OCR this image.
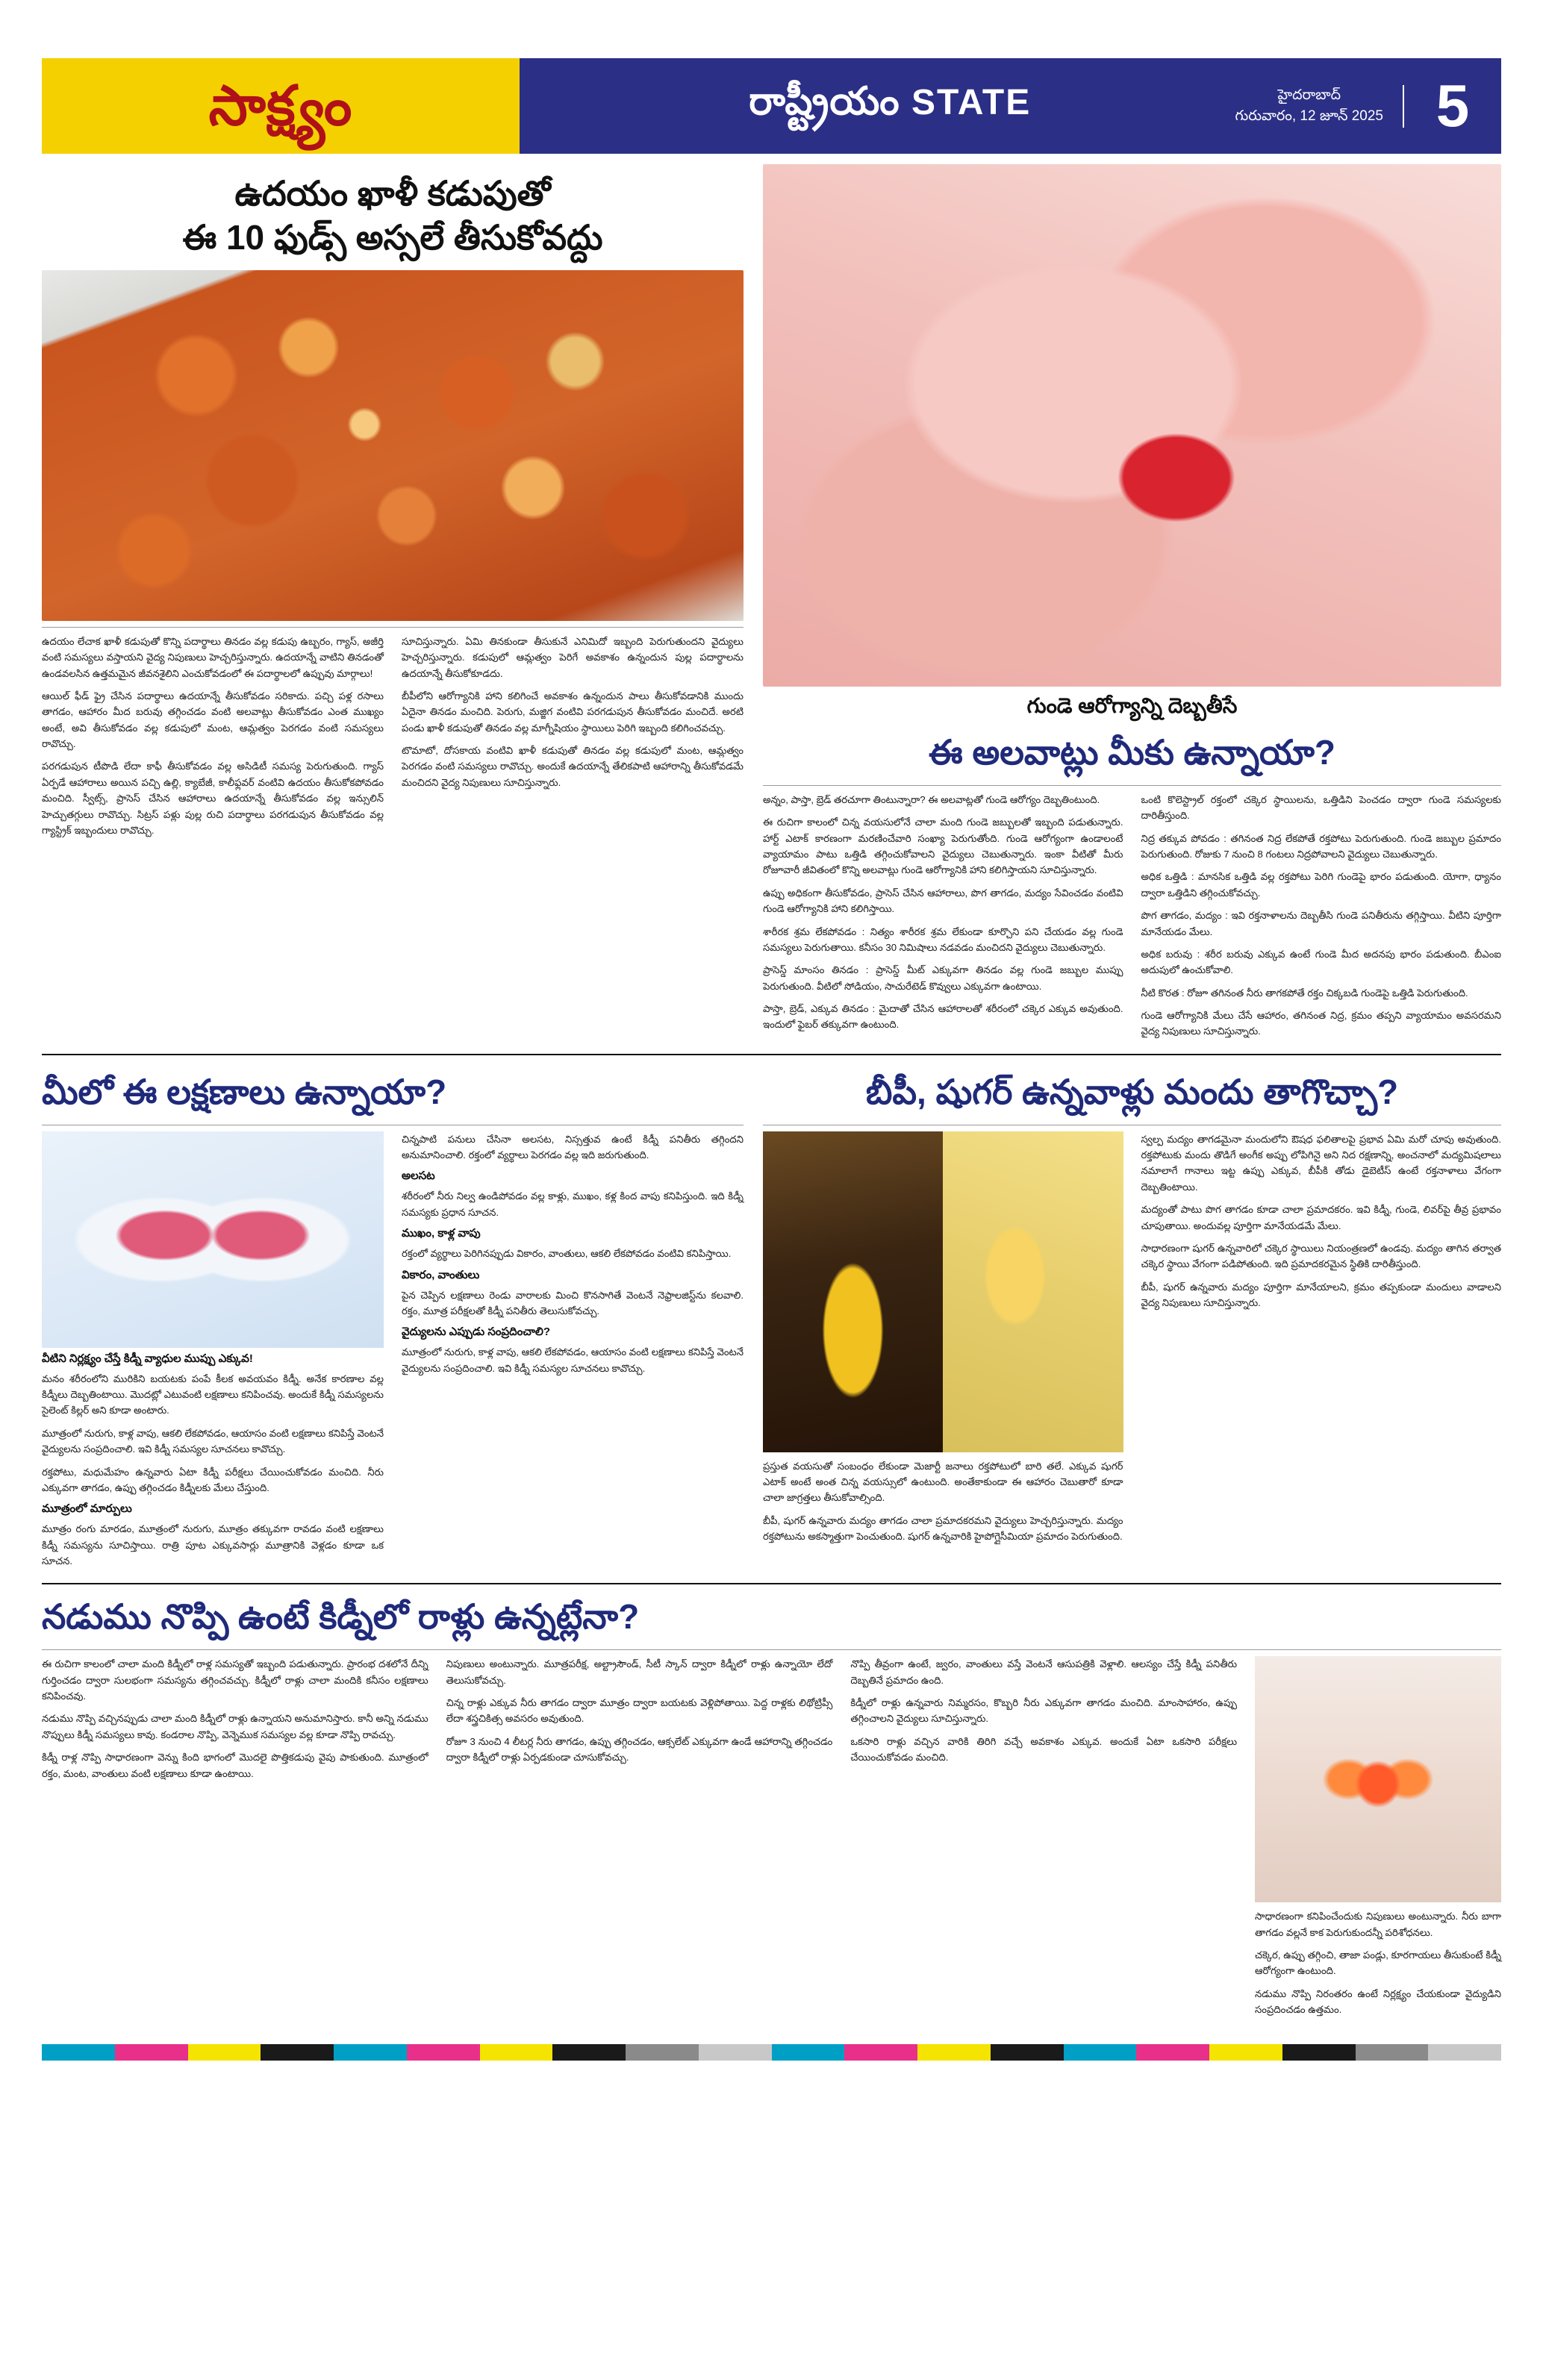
సాక్ష్యం	రాష్ట్రీయం STATE	హైదరాబాద్
గురువారం, 12 జూన్ 2025 5
ఉదయం ఖాళీ కడుపుతో
ఈ 10 ఫుడ్స్ అస్సలే తీసుకోవద్దు

ఉదయం లేచాక ఖాళీ కడుపుతో కొన్ని పదార్థాలు తినడం వల్ల కడుపు ఉబ్బరం, గ్యాస్, అజీర్తి వంటి సమస్యలు వస్తాయని వైద్య నిపుణులు హెచ్చరిస్తున్నారు. ఉదయాన్నే వాటిని తినడంతో ఉండవలసిన ఉత్తమమైన జీవనశైలిని ఎంచుకోవడంలో ఈ పదార్థాలలో ఉప్పువు మార్గాలు!

ఆయిల్ ఫీడ్ ఫ్రై చేసిన పదార్థాలు ఉదయాన్నే తీసుకోవడం సరికాదు. పచ్చి పళ్ల రసాలు తాగడం, ఆహారం మీద బరువు తగ్గించడం వంటి అలవాట్లు తీసుకోవడం ఎంత ముఖ్యం అంటే, అవి తీసుకోవడం వల్ల కడుపులో మంట, ఆమ్లత్వం పెరగడం వంటి సమస్యలు రావొచ్చు.

పరగడుపున టీపొడి లేదా కాఫీ తీసుకోవడం వల్ల అసిడిటీ సమస్య పెరుగుతుంది. గ్యాస్ ఏర్పడే ఆహారాలు అయిన పచ్చి ఉల్లి, క్యాబేజీ, కాలీఫ్లవర్ వంటివి ఉదయం తీసుకోకపోవడం మంచిది. స్వీట్స్, ప్రాసెస్ చేసిన ఆహారాలు ఉదయాన్నే తీసుకోవడం వల్ల ఇన్సులిన్ హెచ్చుతగ్గులు రావొచ్చు. సిట్రస్ పళ్లు పుల్ల రుచి పదార్థాలు పరగడుపున తీసుకోవడం వల్ల గ్యాస్ట్రిక్ ఇబ్బందులు రావొచ్చు.

సూచిస్తున్నారు. ఏమి తినకుండా తీసుకునే ఎనిమిదో ఇబ్బంది పెరుగుతుందని వైద్యులు హెచ్చరిస్తున్నారు. కడుపులో ఆమ్లత్వం పెరిగే అవకాశం ఉన్నందున పుల్ల పదార్థాలను ఉదయాన్నే తీసుకోకూడదు.

బీపీలోని ఆరోగ్యానికి హాని కలిగించే అవకాశం ఉన్నందున పాలు తీసుకోవడానికి ముందు ఏదైనా తినడం మంచిది. పెరుగు, మజ్జిగ వంటివి పరగడుపున తీసుకోవడం మంచిదే. అరటి పండు ఖాళీ కడుపుతో తినడం వల్ల మాగ్నీషియం స్థాయిలు పెరిగి ఇబ్బంది కలిగించవచ్చు.

టొమాటో, దోసకాయ వంటివి ఖాళీ కడుపుతో తినడం వల్ల కడుపులో మంట, ఆమ్లత్వం పెరగడం వంటి సమస్యలు రావొచ్చు. అందుకే ఉదయాన్నే తేలికపాటి ఆహారాన్ని తీసుకోవడమే మంచిదని వైద్య నిపుణులు సూచిస్తున్నారు.

గుండె ఆరోగ్యాన్ని దెబ్బతీసే
ఈ అలవాట్లు మీకు ఉన్నాయా?

అన్నం, పాస్తా, బ్రెడ్ తరచూగా తింటున్నారా? ఈ అలవాట్లతో గుండె ఆరోగ్యం దెబ్బతింటుంది.

ఈ రుచిగా కాలంలో చిన్న వయసులోనే చాలా మంది గుండె జబ్బులతో ఇబ్బంది పడుతున్నారు. హార్ట్ ఎటాక్ కారణంగా మరణించేవారి సంఖ్యా పెరుగుతోంది. గుండె ఆరోగ్యంగా ఉండాలంటే వ్యాయామం పాటు ఒత్తిడి తగ్గించుకోవాలని వైద్యులు చెబుతున్నారు. ఇంకా వీటితో మీరు రోజూవారీ జీవితంలో కొన్ని అలవాట్లు గుండె ఆరోగ్యానికి హాని కలిగిస్తాయని సూచిస్తున్నారు.

ఉప్పు అధికంగా తీసుకోవడం, ప్రాసెస్ చేసిన ఆహారాలు, పొగ తాగడం, మద్యం సేవించడం వంటివి గుండె ఆరోగ్యానికి హాని కలిగిస్తాయి.

శారీరక శ్రమ లేకపోవడం : నిత్యం శారీరక శ్రమ లేకుండా కూర్చొని పని చేయడం వల్ల గుండె సమస్యలు పెరుగుతాయి. కనీసం 30 నిమిషాలు నడవడం మంచిదని వైద్యులు చెబుతున్నారు.

ప్రాసెస్డ్ మాంసం తినడం : ప్రాసెస్డ్ మీట్ ఎక్కువగా తినడం వల్ల గుండె జబ్బుల ముప్పు పెరుగుతుంది. వీటిలో సోడియం, సాచురేటెడ్ కొవ్వులు ఎక్కువగా ఉంటాయి.

పాస్తా, బ్రెడ్, ఎక్కువ తినడం : మైదాతో చేసిన ఆహారాలతో శరీరంలో చక్కెర ఎక్కువ అవుతుంది. ఇందులో ఫైబర్ తక్కువగా ఉంటుంది.

ఒంటి కొలెస్ట్రాల్ రక్తంలో చక్కెర స్థాయిలను, ఒత్తిడిని పెంచడం ద్వారా గుండె సమస్యలకు దారితీస్తుంది.

నిద్ర తక్కువ పోవడం : తగినంత నిద్ర లేకపోతే రక్తపోటు పెరుగుతుంది. గుండె జబ్బుల ప్రమాదం పెరుగుతుంది. రోజుకు 7 నుంచి 8 గంటలు నిద్రపోవాలని వైద్యులు చెబుతున్నారు.

అధిక ఒత్తిడి : మానసిక ఒత్తిడి వల్ల రక్తపోటు పెరిగి గుండెపై భారం పడుతుంది. యోగా, ధ్యానం ద్వారా ఒత్తిడిని తగ్గించుకోవచ్చు.

పొగ తాగడం, మద్యం : ఇవి రక్తనాళాలను దెబ్బతీసి గుండె పనితీరును తగ్గిస్తాయి. వీటిని పూర్తిగా మానేయడం మేలు.

అధిక బరువు : శరీర బరువు ఎక్కువ ఉంటే గుండె మీద అదనపు భారం పడుతుంది. బీఎంఐ అదుపులో ఉంచుకోవాలి.

నీటి కొరత : రోజూ తగినంత నీరు తాగకపోతే రక్తం చిక్కబడి గుండెపై ఒత్తిడి పెరుగుతుంది.

గుండె ఆరోగ్యానికి మేలు చేసే ఆహారం, తగినంత నిద్ర, క్రమం తప్పని వ్యాయామం అవసరమని వైద్య నిపుణులు సూచిస్తున్నారు.

మీలో ఈ లక్షణాలు ఉన్నాయా?
వీటిని నిర్లక్ష్యం చేస్తే కిడ్నీ వ్యాధుల ముప్పు ఎక్కువ!

మనం శరీరంలోని మురికిని బయటకు పంపే కీలక అవయవం కిడ్నీ. అనేక కారణాల వల్ల కిడ్నీలు దెబ్బతింటాయి. మొదట్లో ఎటువంటి లక్షణాలు కనిపించవు. అందుకే కిడ్నీ సమస్యలను సైలెంట్ కిల్లర్ అని కూడా అంటారు.

మూత్రంలో నురుగు, కాళ్ల వాపు, ఆకలి లేకపోవడం, ఆయాసం వంటి లక్షణాలు కనిపిస్తే వెంటనే వైద్యులను సంప్రదించాలి. ఇవి కిడ్నీ సమస్యల సూచనలు కావొచ్చు.

రక్తపోటు, మధుమేహం ఉన్నవారు ఏటా కిడ్నీ పరీక్షలు చేయించుకోవడం మంచిది. నీరు ఎక్కువగా తాగడం, ఉప్పు తగ్గించడం కిడ్నీలకు మేలు చేస్తుంది.

మూత్రంలో మార్పులు

మూత్రం రంగు మారడం, మూత్రంలో నురుగు, మూత్రం తక్కువగా రావడం వంటి లక్షణాలు కిడ్నీ సమస్యను సూచిస్తాయి. రాత్రి పూట ఎక్కువసార్లు మూత్రానికి వెళ్లడం కూడా ఒక సూచన.

చిన్నపాటి పనులు చేసినా అలసట, నిస్సత్తువ ఉంటే కిడ్నీ పనితీరు తగ్గిందని అనుమానించాలి. రక్తంలో వ్యర్థాలు పెరగడం వల్ల ఇది జరుగుతుంది.

అలసట

శరీరంలో నీరు నిల్వ ఉండిపోవడం వల్ల కాళ్లు, ముఖం, కళ్ల కింద వాపు కనిపిస్తుంది. ఇది కిడ్నీ సమస్యకు ప్రధాన సూచన.

ముఖం, కాళ్ల వాపు

రక్తంలో వ్యర్థాలు పెరిగినప్పుడు వికారం, వాంతులు, ఆకలి లేకపోవడం వంటివి కనిపిస్తాయి.

వికారం, వాంతులు

పైన చెప్పిన లక్షణాలు రెండు వారాలకు మించి కొనసాగితే వెంటనే నెఫ్రాలజిస్ట్‌ను కలవాలి. రక్తం, మూత్ర పరీక్షలతో కిడ్నీ పనితీరు తెలుసుకోవచ్చు.

వైద్యులను ఎప్పుడు సంప్రదించాలి?

మూత్రంలో నురుగు, కాళ్ల వాపు, ఆకలి లేకపోవడం, ఆయాసం వంటి లక్షణాలు కనిపిస్తే వెంటనే వైద్యులను సంప్రదించాలి. ఇవి కిడ్నీ సమస్యల సూచనలు కావొచ్చు.

బీపీ, షుగర్ ఉన్నవాళ్లు మందు తాగొచ్చా?

ప్రస్తుత వయసుతో సంబంధం లేకుండా మెజార్టీ జనాలు రక్తపోటులో బారి తలే. ఎక్కువ షుగర్ ఎటాక్ అంటే అంత చిన్న వయస్సులో ఉంటుంది. అంతేకాకుండా ఈ ఆహారం చెబుతారో కూడా చాలా జాగ్రత్తలు తీసుకోవాల్సింది.

బీపీ, షుగర్ ఉన్నవారు మద్యం తాగడం చాలా ప్రమాదకరమని వైద్యులు హెచ్చరిస్తున్నారు. మద్యం రక్తపోటును అకస్మాత్తుగా పెంచుతుంది. షుగర్ ఉన్నవారికి హైపోగ్లైసీమియా ప్రమాదం పెరుగుతుంది.

స్వల్ప మద్యం తాగడమైనా మందులోని ఔషధ ఫలితాలపై ప్రభావ ఏమి మరో చూపు అవుతుంది. రక్తపోటుకు మందు తొడిగే అంగీక అప్పు లోపిగినై అని నిద రక్షణాన్ని, అంచనాలో మద్యమిషలాలు నమాలాగే గానాలు ఇట్ట ఉప్పు ఎక్కువ, బీపీకి తోడు డైబెటీస్ ఉంటే రక్తనాళాలు వేగంగా దెబ్బతింటాయి.

మద్యంతో పాటు పొగ తాగడం కూడా చాలా ప్రమాదకరం. ఇవి కిడ్నీ, గుండె, లివర్‌పై తీవ్ర ప్రభావం చూపుతాయి. అందువల్ల పూర్తిగా మానేయడమే మేలు.

సాధారణంగా షుగర్ ఉన్నవారిలో చక్కెర స్థాయిలు నియంత్రణలో ఉండవు. మద్యం తాగిన తర్వాత చక్కెర స్థాయి వేగంగా పడిపోతుంది. ఇది ప్రమాదకరమైన స్థితికి దారితీస్తుంది.

బీపీ, షుగర్ ఉన్నవారు మద్యం పూర్తిగా మానేయాలని, క్రమం తప్పకుండా మందులు వాడాలని వైద్య నిపుణులు సూచిస్తున్నారు.

నడుము నొప్పి ఉంటే కిడ్నీలో రాళ్లు ఉన్నట్లేనా?

ఈ రుచిగా కాలంలో చాలా మంది కిడ్నీలో రాళ్ల సమస్యతో ఇబ్బంది పడుతున్నారు. ప్రారంభ దశలోనే దీన్ని గుర్తించడం ద్వారా సులభంగా సమస్యను తగ్గించవచ్చు. కిడ్నీలో రాళ్లు చాలా మందికి కనీసం లక్షణాలు కనిపించవు.

నడుము నొప్పి వచ్చినప్పుడు చాలా మంది కిడ్నీలో రాళ్లు ఉన్నాయని అనుమానిస్తారు. కానీ అన్ని నడుము నొప్పులు కిడ్నీ సమస్యలు కావు. కండరాల నొప్పి, వెన్నెముక సమస్యల వల్ల కూడా నొప్పి రావచ్చు.

కిడ్నీ రాళ్ల నొప్పి సాధారణంగా వెన్ను కింది భాగంలో మొదలై పొత్తికడుపు వైపు పాకుతుంది. మూత్రంలో రక్తం, మంట, వాంతులు వంటి లక్షణాలు కూడా ఉంటాయి.

నిపుణులు అంటున్నారు. మూత్రపరీక్ష, అల్ట్రాసౌండ్, సీటీ స్కాన్ ద్వారా కిడ్నీలో రాళ్లు ఉన్నాయో లేదో తెలుసుకోవచ్చు.

చిన్న రాళ్లు ఎక్కువ నీరు తాగడం ద్వారా మూత్రం ద్వారా బయటకు వెళ్లిపోతాయి. పెద్ద రాళ్లకు లిథోట్రిప్సీ లేదా శస్త్రచికిత్స అవసరం అవుతుంది.

రోజూ 3 నుంచి 4 లీటర్ల నీరు తాగడం, ఉప్పు తగ్గించడం, ఆక్సలేట్ ఎక్కువగా ఉండే ఆహారాన్ని తగ్గించడం ద్వారా కిడ్నీలో రాళ్లు ఏర్పడకుండా చూసుకోవచ్చు.

నొప్పి తీవ్రంగా ఉంటే, జ్వరం, వాంతులు వస్తే వెంటనే ఆసుపత్రికి వెళ్లాలి. ఆలస్యం చేస్తే కిడ్నీ పనితీరు దెబ్బతినే ప్రమాదం ఉంది.

కిడ్నీలో రాళ్లు ఉన్నవారు నిమ్మరసం, కొబ్బరి నీరు ఎక్కువగా తాగడం మంచిది. మాంసాహారం, ఉప్పు తగ్గించాలని వైద్యులు సూచిస్తున్నారు.

ఒకసారి రాళ్లు వచ్చిన వారికి తిరిగి వచ్చే అవకాశం ఎక్కువ. అందుకే ఏటా ఒకసారి పరీక్షలు చేయించుకోవడం మంచిది.

సాధారణంగా కనిపించేందుకు నిపుణులు అంటున్నారు. నీరు బాగా తాగడం వల్లనే కాక పెరుగుకుందన్నీ పరిశోధనలు.

చక్కెర, ఉప్పు తగ్గించి, తాజా పండ్లు, కూరగాయలు తీసుకుంటే కిడ్నీ ఆరోగ్యంగా ఉంటుంది.

నడుము నొప్పి నిరంతరం ఉంటే నిర్లక్ష్యం చేయకుండా వైద్యుడిని సంప్రదించడం ఉత్తమం.
